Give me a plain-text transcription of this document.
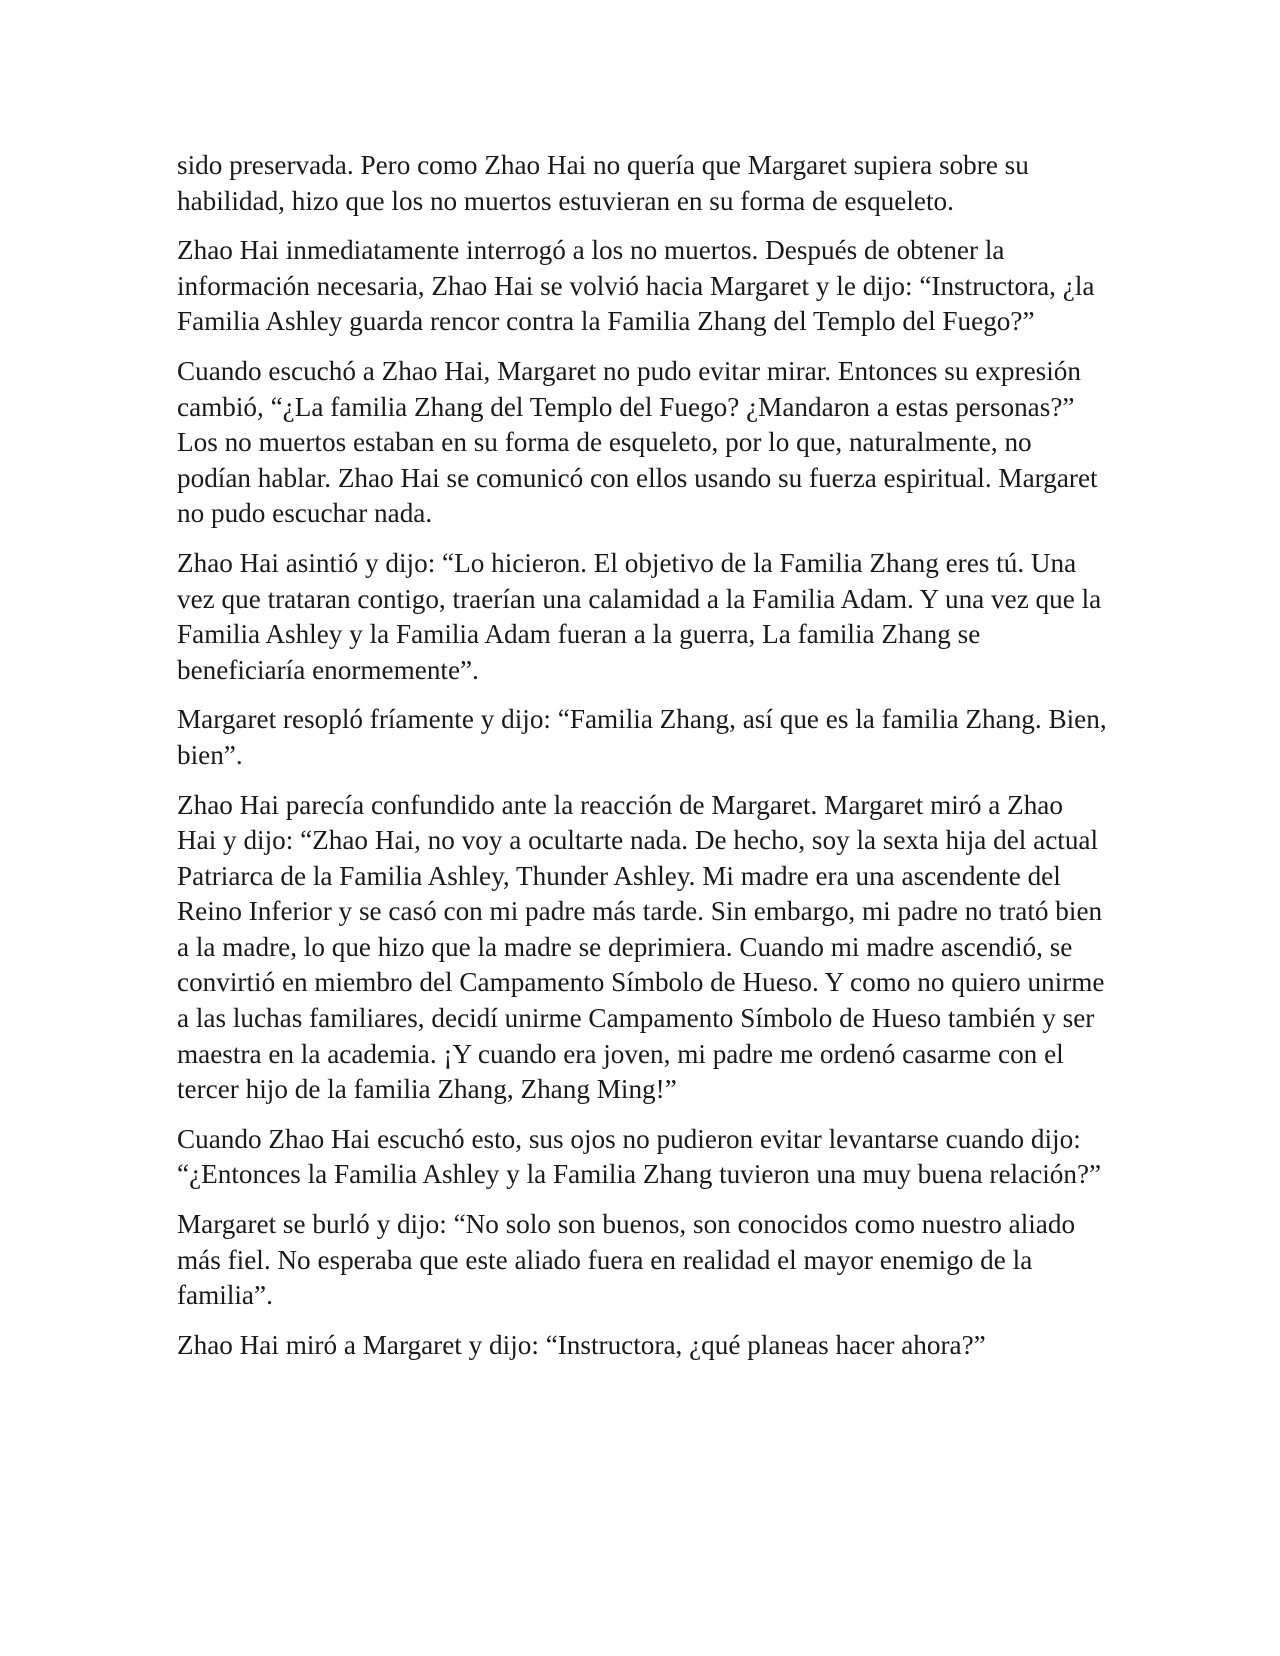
sido preservada. Pero como Zhao Hai no quería que Margaret supiera sobre su habilidad, hizo que los no muertos estuvieran en su forma de esqueleto.

Zhao Hai inmediatamente interrogó a los no muertos. Después de obtener la información necesaria, Zhao Hai se volvió hacia Margaret y le dijo: “Instructora, ¿la Familia Ashley guarda rencor contra la Familia Zhang del Templo del Fuego?”

Cuando escuchó a Zhao Hai, Margaret no pudo evitar mirar. Entonces su expresión cambió, “¿La familia Zhang del Templo del Fuego? ¿Mandaron a estas personas?” Los no muertos estaban en su forma de esqueleto, por lo que, naturalmente, no podían hablar. Zhao Hai se comunicó con ellos usando su fuerza espiritual. Margaret no pudo escuchar nada.

Zhao Hai asintió y dijo: “Lo hicieron. El objetivo de la Familia Zhang eres tú. Una vez que trataran contigo, traerían una calamidad a la Familia Adam. Y una vez que la Familia Ashley y la Familia Adam fueran a la guerra, La familia Zhang se beneficiaría enormemente”.

Margaret resopló fríamente y dijo: “Familia Zhang, así que es la familia Zhang. Bien, bien”.

Zhao Hai parecía confundido ante la reacción de Margaret. Margaret miró a Zhao Hai y dijo: “Zhao Hai, no voy a ocultarte nada. De hecho, soy la sexta hija del actual Patriarca de la Familia Ashley, Thunder Ashley. Mi madre era una ascendente del Reino Inferior y se casó con mi padre más tarde. Sin embargo, mi padre no trató bien a la madre, lo que hizo que la madre se deprimiera. Cuando mi madre ascendió, se convirtió en miembro del Campamento Símbolo de Hueso. Y como no quiero unirme a las luchas familiares, decidí unirme Campamento Símbolo de Hueso también y ser maestra en la academia. ¡Y cuando era joven, mi padre me ordenó casarme con el tercer hijo de la familia Zhang, Zhang Ming!”

Cuando Zhao Hai escuchó esto, sus ojos no pudieron evitar levantarse cuando dijo: “¿Entonces la Familia Ashley y la Familia Zhang tuvieron una muy buena relación?”

Margaret se burló y dijo: “No solo son buenos, son conocidos como nuestro aliado más fiel. No esperaba que este aliado fuera en realidad el mayor enemigo de la familia”.

Zhao Hai miró a Margaret y dijo: “Instructora, ¿qué planeas hacer ahora?”
